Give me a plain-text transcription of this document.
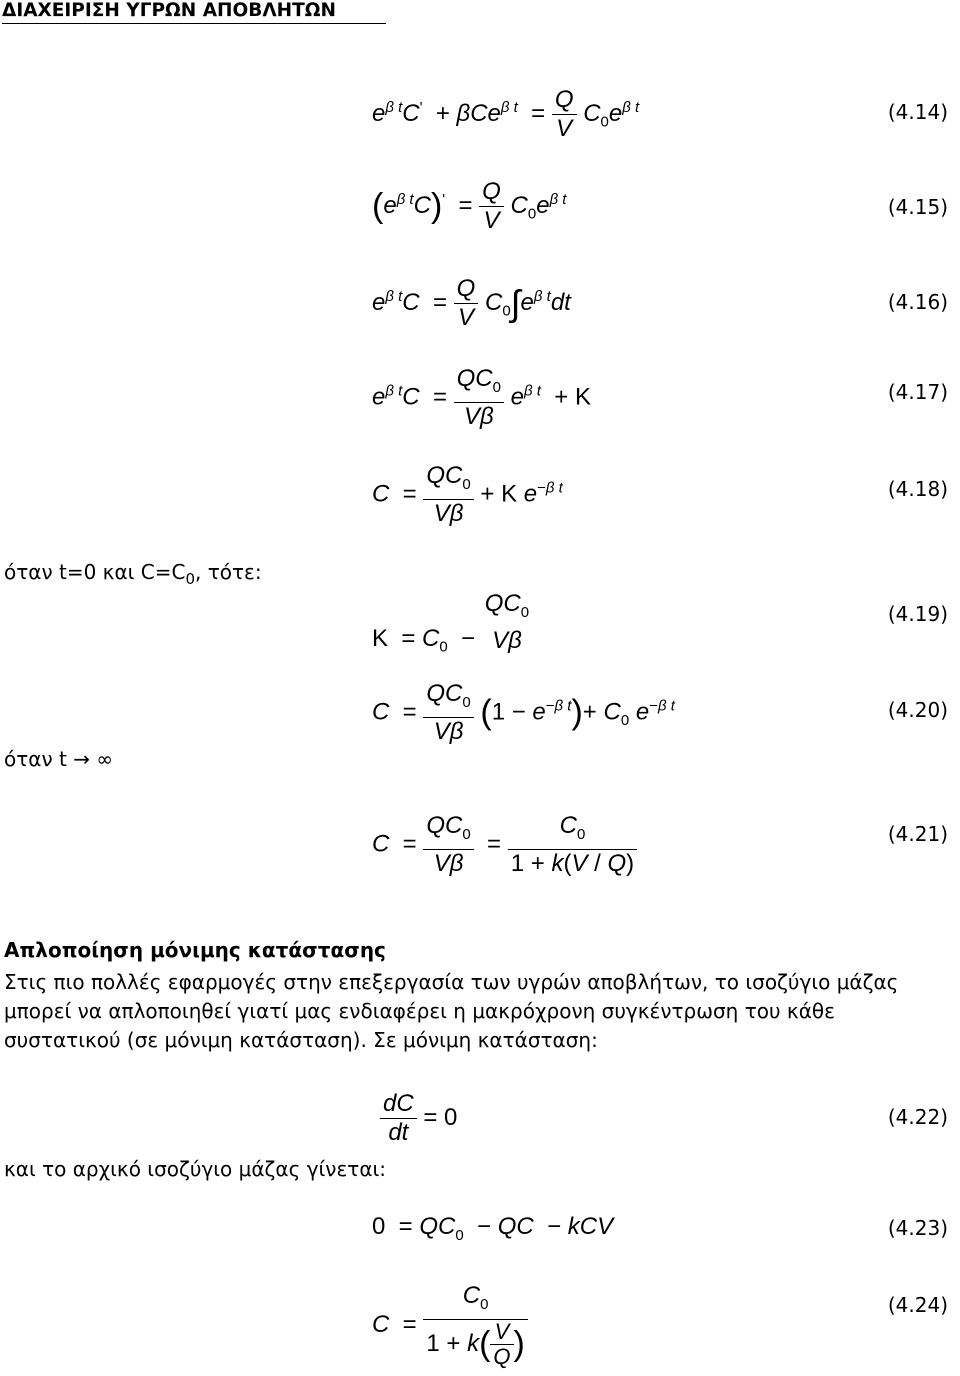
ΔΙΑΧΕΙΡΙΣΗ ΥΓΡΩΝ ΑΠΟΒΛΗΤΩΝ
$e^{\beta t}C' + \beta Ce^{\beta t} = \frac{Q}{V} C_0e^{\beta t}$	(4.14)
$(e^{\beta t}C)' = \frac{Q}{V} C_0e^{\beta t}$	(4.15)
$e^{\beta t}C = \frac{Q}{V} C_0\int e^{\beta t}dt$	(4.16)
$e^{\beta t}C = \frac{QC_0}{V\beta} e^{\beta t} + K$	(4.17)
$C = \frac{QC_0}{V\beta} + K$ $e^{-\beta t}$	(4.18)
όταν t=0 και $C=C_0$, τότε:
$K = C_0$  −
$QC_0$
Vβ
(4.19)
$C = \frac{QC_0}{V\beta} (1 - e^{-\beta t})+ C_0$ $e^{-\beta t}$	(4.20)
όταν t → ∞
$C = \frac{QC_0}{V\beta} = \frac{C_0}{1 + k(V / Q)}$	(4.21)
Απλοποίηση μόνιμης κατάστασης
Στις πιο πολλές εφαρμογές στην επεξεργασία των υγρών αποβλήτων, το ισοζύγιο μάζας μπορεί να απλοποιηθεί γιατί μας ενδιαφέρει η μακρόχρονη συγκέντρωση του κάθε συστατικού (σε μόνιμη κατάσταση). Σε μόνιμη κατάσταση:
$\frac{dC}{dt} = 0$	(4.22)
και το αρχικό ισοζύγιο μάζας γίνεται:
$0 = QC_0$  − QC  − kCV	(4.23)
$C = \frac{C_0}{1 + k( \frac{V}{Q} )}$	(4.24)
